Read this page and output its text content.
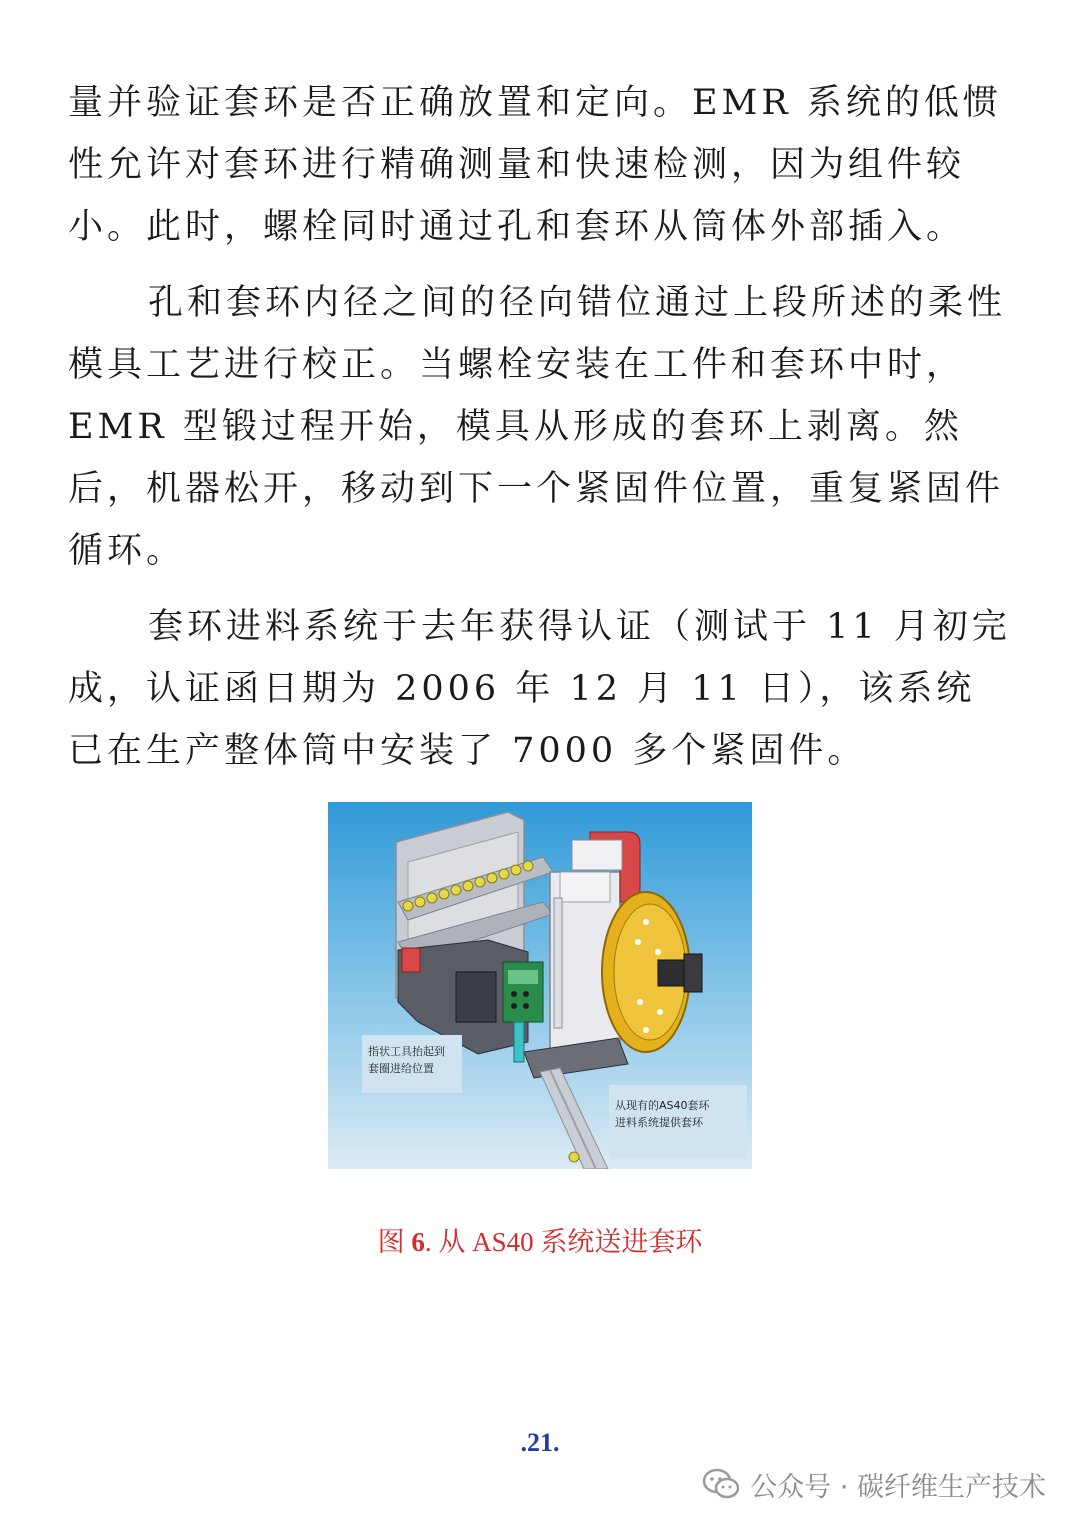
量并验证套环是否正确放置和定向。EMR 系统的低惯性允许对套环进行精确测量和快速检测，因为组件较小。此时，螺栓同时通过孔和套环从筒体外部插入。

孔和套环内径之间的径向错位通过上段所述的柔性模具工艺进行校正。当螺栓安装在工件和套环中时，EMR 型锻过程开始，模具从形成的套环上剥离。然后，机器松开，移动到下一个紧固件位置，重复紧固件循环。

套环进料系统于去年获得认证（测试于 11 月初完成，认证函日期为 2006 年 12 月 11 日），该系统已在生产整体筒中安装了 7000 多个紧固件。

指状工具抬起到
套圈进给位置
从现有的AS40套环
进料系统提供套环
图 6. 从 AS40 系统送进套环
.21.
公众号 · 碳纤维生产技术
